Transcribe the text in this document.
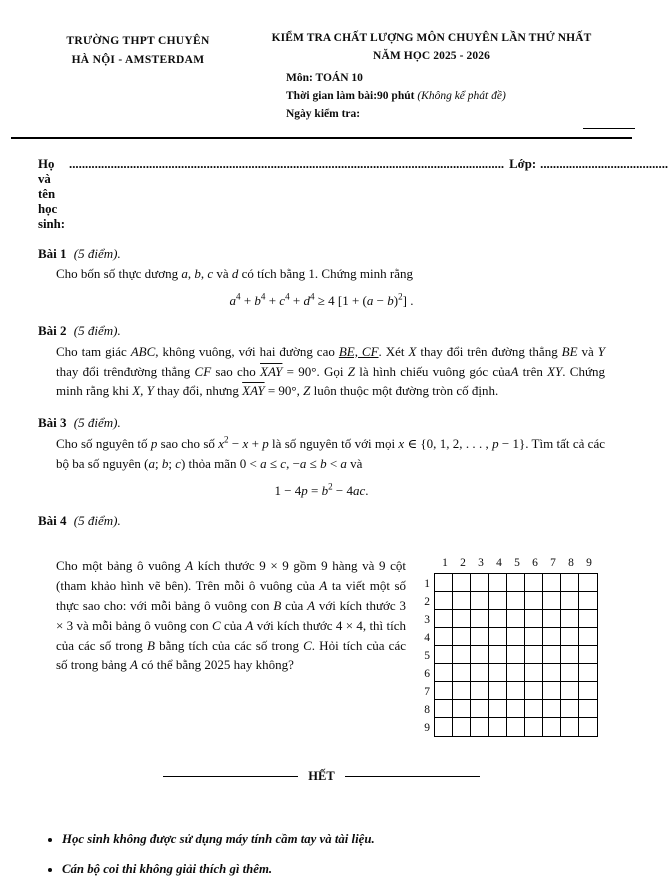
TRƯỜNG THPT CHUYÊN
HÀ NỘI - AMSTERDAM
KIỂM TRA CHẤT LƯỢNG MÔN CHUYÊN LẦN THỨ NHẤT
NĂM HỌC 2025 - 2026
Môn: TOÁN 10
Thời gian làm bài:90 phút (Không kể phát đề)
Ngày kiểm tra:
Họ và tên học sinh:
........................................................................................................................................ Lớp: ........................................
Bài 1 (5 điểm).

Cho bốn số thực dương a, b, c và d có tích bằng 1. Chứng minh rằng

$a^4 + b^4 + c^4 + d^4 \ge 4$ $[1 + (a - b)^2]$ .
Bài 2 (5 điểm).

Cho tam giác ABC, không vuông, với hai đường cao BE, CF. Xét X thay đổi trên đường thẳng BE và Y thay đổi trênđường thẳng CF sao cho $\overline{XAY} = 90^\circ$. Gọi Z là hình chiếu vuông góc củaA trên XY. Chứng minh rằng khi X, Y thay đổi, nhưng $\overline{XAY} = 90^\circ$, Z luôn thuộc một đường tròn cố định.

Bài 3 (5 điểm).

Cho số nguyên tố p sao cho số $x^2 - x + p$ là số nguyên tố với mọi x ∈ {0, 1, 2, . . . , p − 1}. Tìm tất cả các bộ ba số nguyên (a; b; c) thỏa mãn 0 < a ≤ c, −a ≤ b < a và

$1 - 4p = b^2 - 4ac$.
Bài 4 (5 điểm).

Cho một bảng ô vuông A kích thước 9 × 9 gồm 9 hàng và 9 cột (tham khảo hình vẽ bên). Trên mỗi ô vuông của A ta viết một số thực sao cho: với mỗi bảng ô vuông con B của A với kích thước 3 × 3 và mỗi bảng ô vuông con C của A với kích thước 4 × 4, thì tích của các số trong B bằng tích của các số trong C. Hỏi tích của các số trong bảng A có thể bằng 2025 hay không?

1	2	3	4	5	6	7	8	9
1
2
3
4
5
6
7
8
9
HẾT
• Học sinh không được sử dụng máy tính cầm tay và tài liệu.
• Cán bộ coi thi không giải thích gì thêm.
